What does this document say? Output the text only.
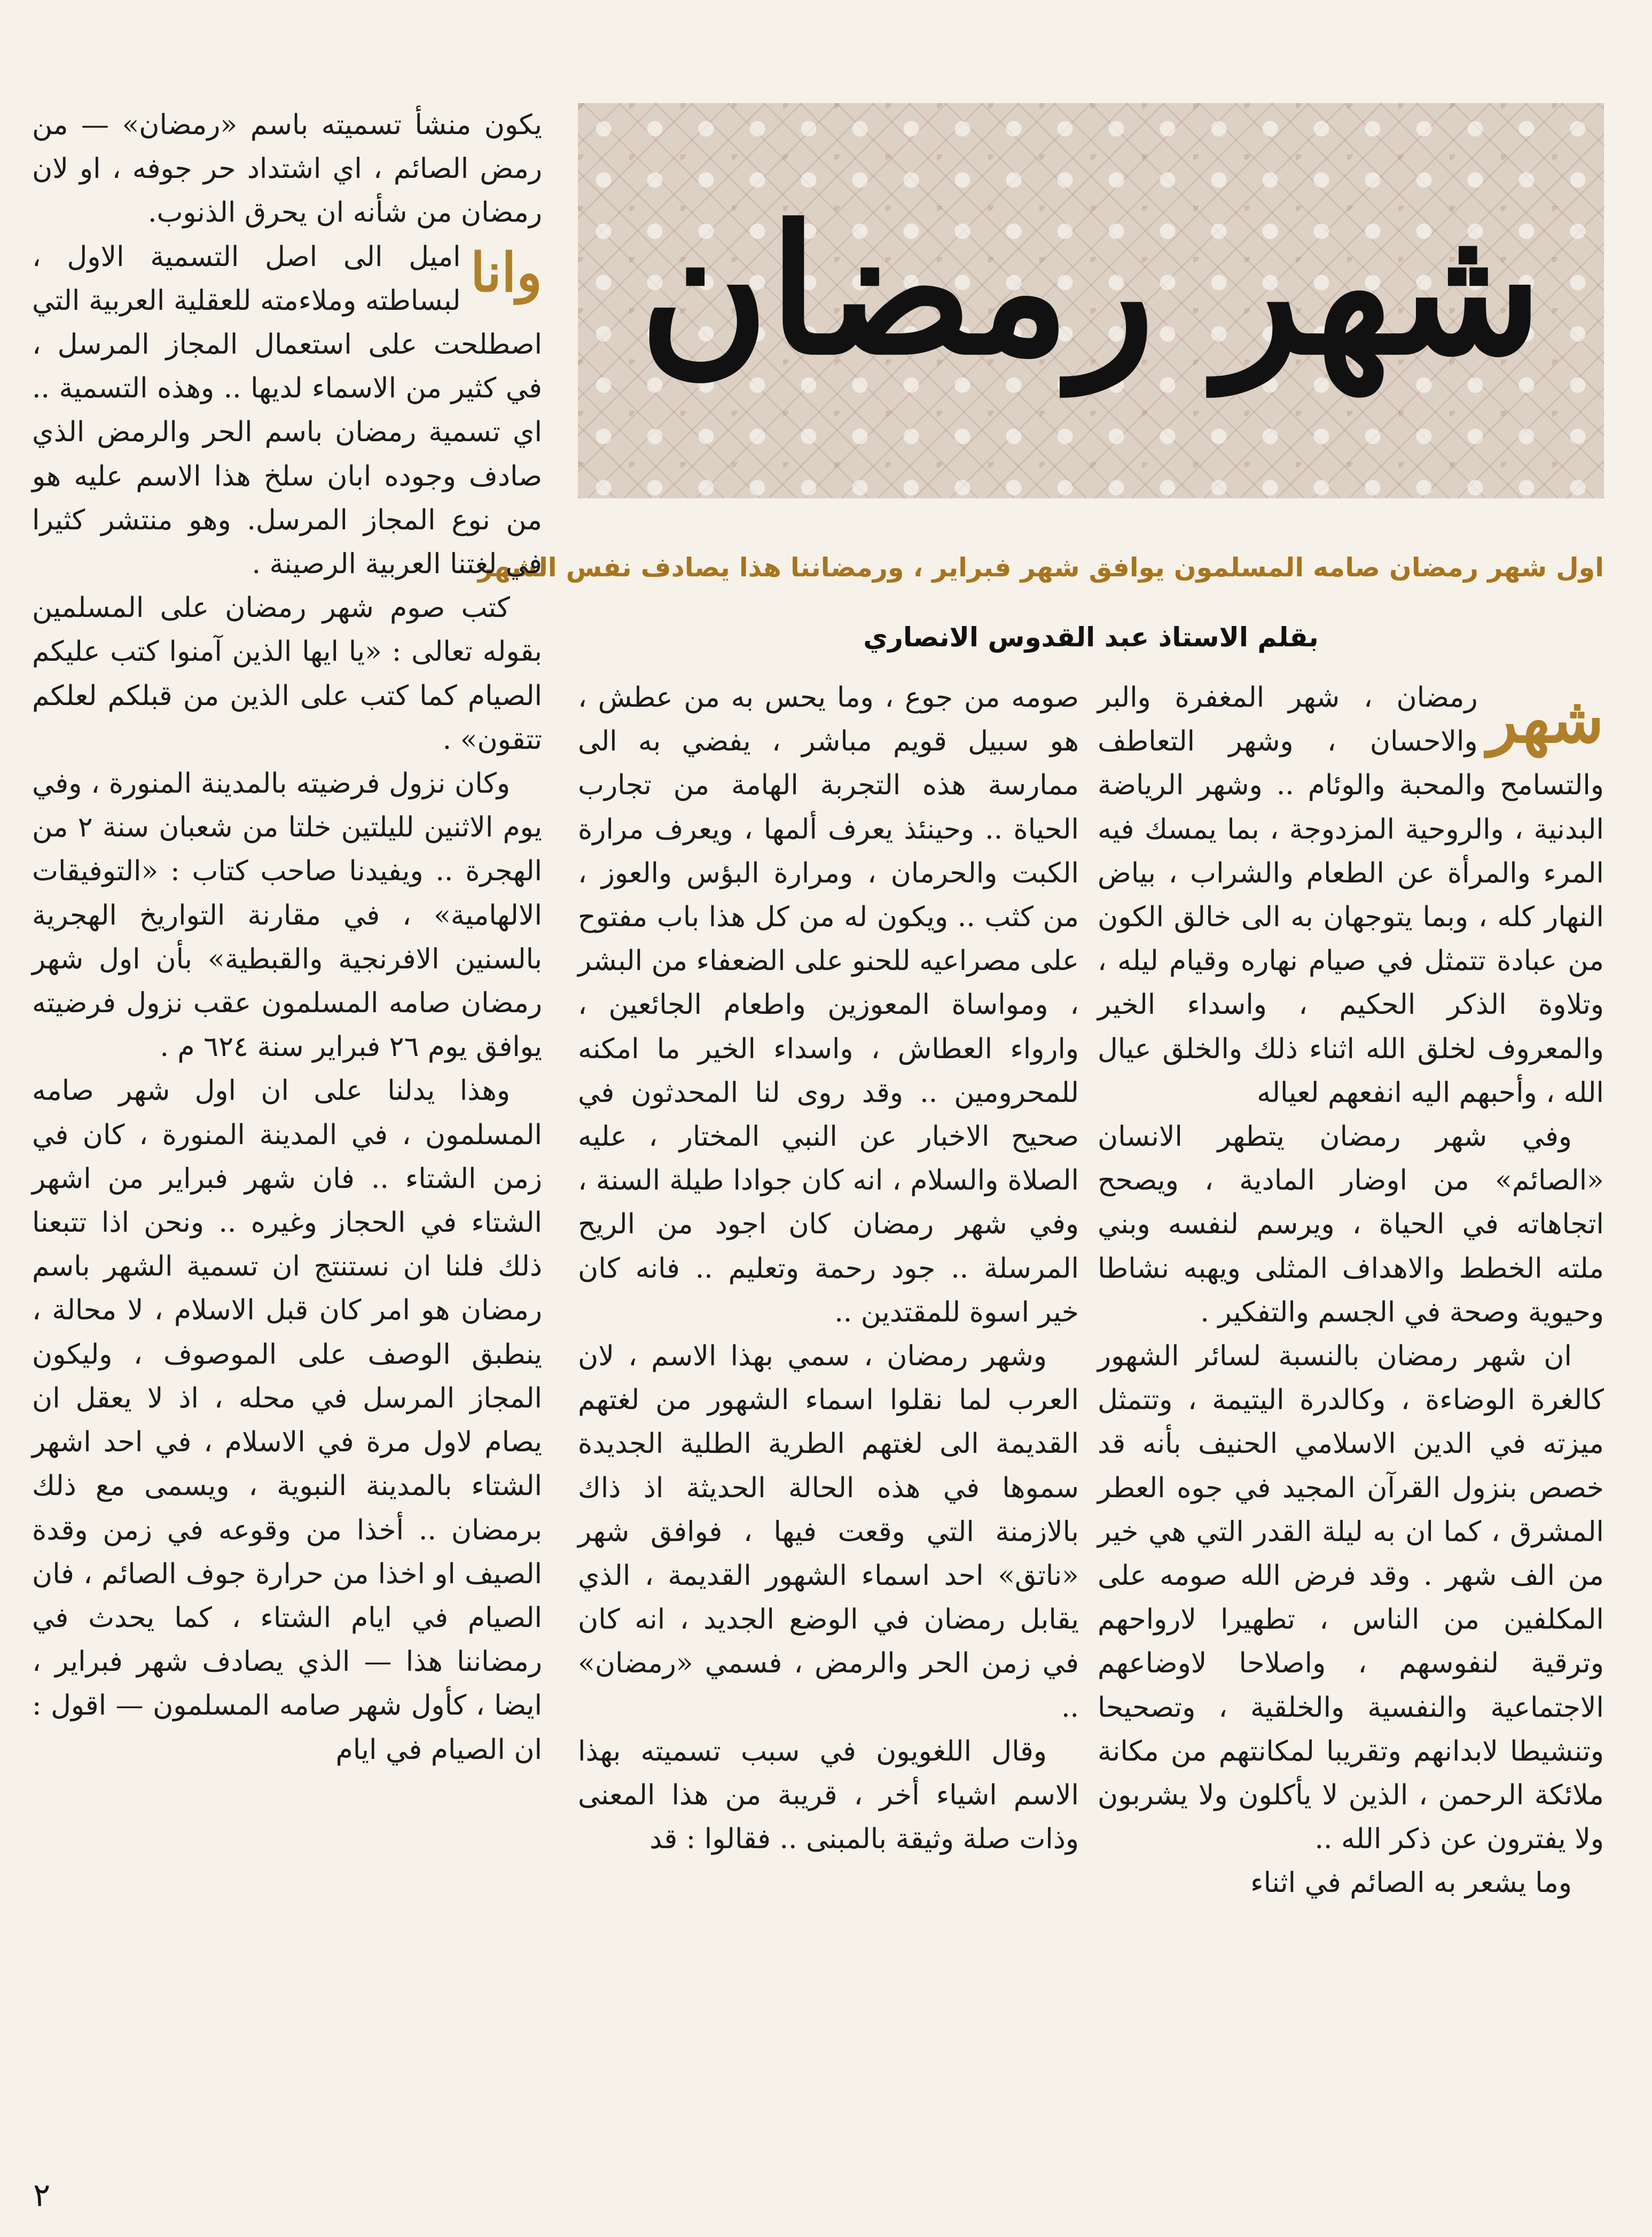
شهر رمضان
اول شهر رمضان صامه المسلمون يوافق شهر فبراير ، ورمضاننا هذا يصادف نفس الشهر
بقلم الاستاذ عبد القدوس الانصاري
شهر

رمضان ، شهر المغفرة والبر والاحسان ، وشهر التعاطف والتسامح والمحبة والوئام .. وشهر الرياضة البدنية ، والروحية المزدوجة ، بما يمسك فيه المرء والمرأة عن الطعام والشراب ، بياض النهار كله ، وبما يتوجهان به الى خالق الكون من عبادة تتمثل في صيام نهاره وقيام ليله ، وتلاوة الذكر الحكيم ، واسداء الخير والمعروف لخلق الله اثناء ذلك والخلق عيال الله ، وأحبهم اليه انفعهم لعياله

وفي شهر رمضان يتطهر الانسان «الصائم» من اوضار المادية ، ويصحح اتجاهاته في الحياة ، ويرسم لنفسه وبني ملته الخطط والاهداف المثلى ويهبه نشاطا وحيوية وصحة في الجسم والتفكير .

ان شهر رمضان بالنسبة لسائر الشهور كالغرة الوضاءة ، وكالدرة اليتيمة ، وتتمثل ميزته في الدين الاسلامي الحنيف بأنه قد خصص بنزول القرآن المجيد في جوه العطر المشرق ، كما ان به ليلة القدر التي هي خير من الف شهر . وقد فرض الله صومه على المكلفين من الناس ، تطهيرا لارواحهم وترقية لنفوسهم ، واصلاحا لاوضاعهم الاجتماعية والنفسية والخلقية ، وتصحيحا وتنشيطا لابدانهم وتقريبا لمكانتهم من مكانة ملائكة الرحمن ، الذين لا يأكلون ولا يشربون ولا يفترون عن ذكر الله ..

وما يشعر به الصائم في اثناء

صومه من جوع ، وما يحس به من عطش ، هو سبيل قويم مباشر ، يفضي به الى ممارسة هذه التجربة الهامة من تجارب الحياة .. وحينئذ يعرف ألمها ، ويعرف مرارة الكبت والحرمان ، ومرارة البؤس والعوز ، من كثب .. ويكون له من كل هذا باب مفتوح على مصراعيه للحنو على الضعفاء من البشر ، ومواساة المعوزين واطعام الجائعين ، وارواء العطاش ، واسداء الخير ما امكنه للمحرومين .. وقد روى لنا المحدثون في صحيح الاخبار عن النبي المختار ، عليه الصلاة والسلام ، انه كان جوادا طيلة السنة ، وفي شهر رمضان كان اجود من الريح المرسلة .. جود رحمة وتعليم .. فانه كان خير اسوة للمقتدين ..

وشهر رمضان ، سمي بهذا الاسم ، لان العرب لما نقلوا اسماء الشهور من لغتهم القديمة الى لغتهم الطرية الطلية الجديدة سموها في هذه الحالة الحديثة اذ ذاك بالازمنة التي وقعت فيها ، فوافق شهر «ناتق» احد اسماء الشهور القديمة ، الذي يقابل رمضان في الوضع الجديد ، انه كان في زمن الحر والرمض ، فسمي «رمضان» ..

وقال اللغويون في سبب تسميته بهذا الاسم اشياء أخر ، قريبة من هذا المعنى وذات صلة وثيقة بالمبنى .. فقالوا : قد

يكون منشأ تسميته باسم «رمضان» — من رمض الصائم ، اي اشتداد حر جوفه ، او لان رمضان من شأنه ان يحرق الذنوب.

وانا
اميل الى اصل التسمية الاول ، لبساطته وملاءمته للعقلية العربية التي اصطلحت على استعمال المجاز المرسل ، في كثير من الاسماء لديها .. وهذه التسمية .. اي تسمية رمضان باسم الحر والرمض الذي صادف وجوده ابان سلخ هذا الاسم عليه هو من نوع المجاز المرسل. وهو منتشر كثيرا في لغتنا العربية الرصينة .

كتب صوم شهر رمضان على المسلمين بقوله تعالى : «يا ايها الذين آمنوا كتب عليكم الصيام كما كتب على الذين من قبلكم لعلكم تتقون» .

وكان نزول فرضيته بالمدينة المنورة ، وفي يوم الاثنين لليلتين خلتا من شعبان سنة ٢ من الهجرة .. ويفيدنا صاحب كتاب : «التوفيقات الالهامية» ، في مقارنة التواريخ الهجرية بالسنين الافرنجية والقبطية» بأن اول شهر رمضان صامه المسلمون عقب نزول فرضيته يوافق يوم ٢٦ فبراير سنة ٦٢٤ م .

وهذا يدلنا على ان اول شهر صامه المسلمون ، في المدينة المنورة ، كان في زمن الشتاء .. فان شهر فبراير من اشهر الشتاء في الحجاز وغيره .. ونحن اذا تتبعنا ذلك فلنا ان نستنتج ان تسمية الشهر باسم رمضان هو امر كان قبل الاسلام ، لا محالة ، ينطبق الوصف على الموصوف ، وليكون المجاز المرسل في محله ، اذ لا يعقل ان يصام لاول مرة في الاسلام ، في احد اشهر الشتاء بالمدينة النبوية ، ويسمى مع ذلك برمضان .. أخذا من وقوعه في زمن وقدة الصيف او اخذا من حرارة جوف الصائم ، فان الصيام في ايام الشتاء ، كما يحدث في رمضاننا هذا — الذي يصادف شهر فبراير ، ايضا ، كأول شهر صامه المسلمون — اقول : ان الصيام في ايام

٢
